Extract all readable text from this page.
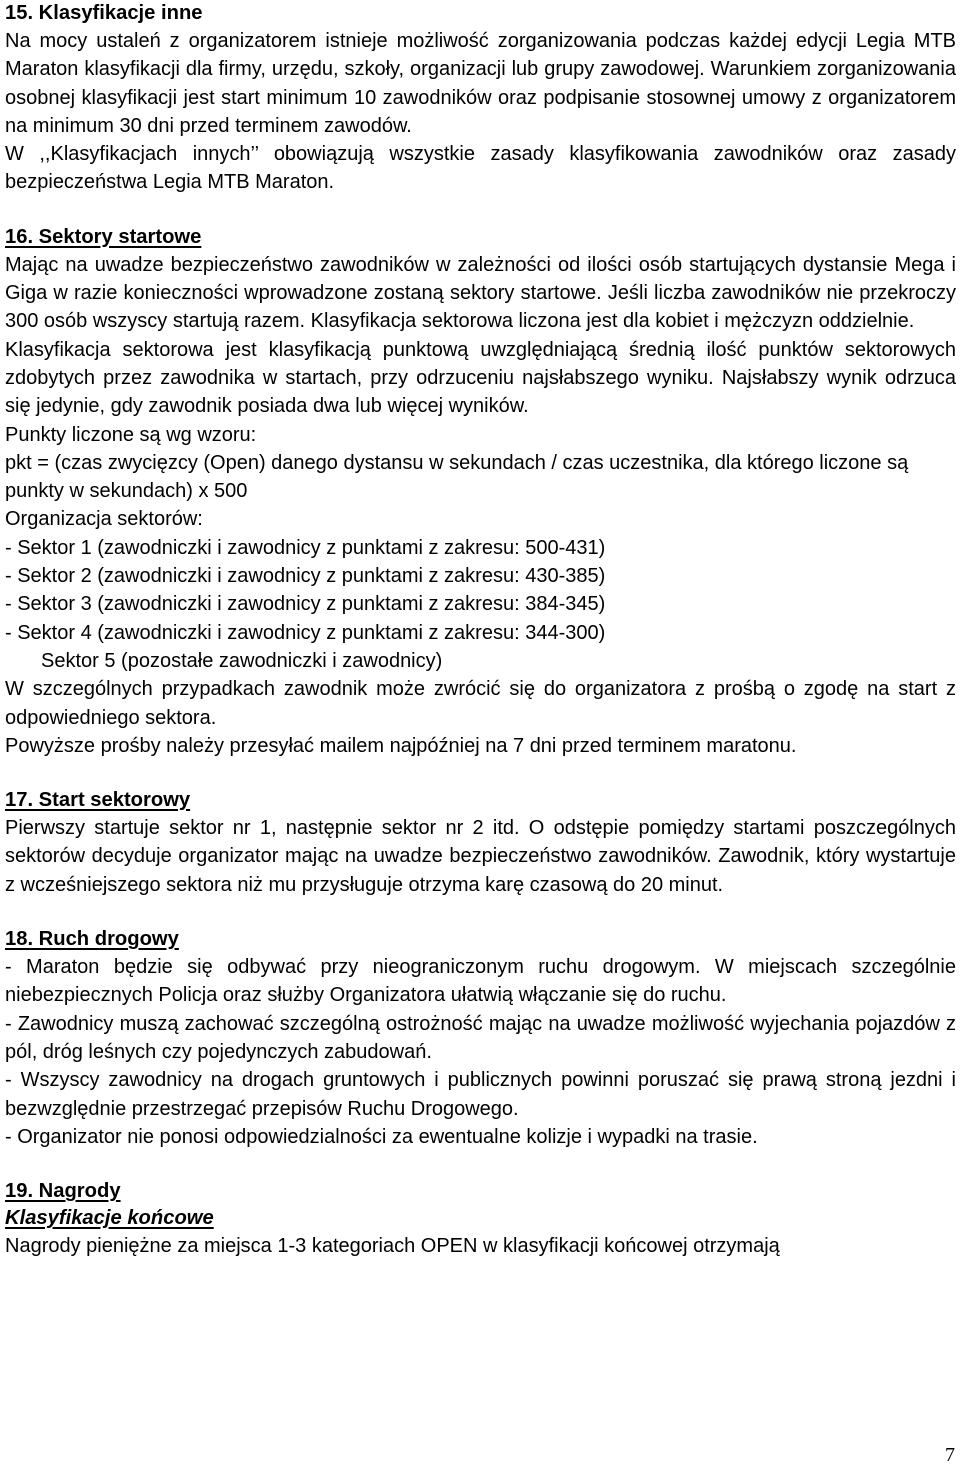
15. Klasyfikacje inne

Na mocy ustaleń z organizatorem istnieje możliwość zorganizowania podczas każdej edycji Legia MTB Maraton klasyfikacji dla firmy, urzędu, szkoły, organizacji lub grupy zawodowej. Warunkiem zorganizowania osobnej klasyfikacji jest start minimum 10 zawodników oraz podpisanie stosownej umowy z organizatorem na minimum 30 dni przed terminem zawodów.

W ,,Klasyfikacjach innych’’ obowiązują wszystkie zasady klasyfikowania zawodników oraz zasady bezpieczeństwa Legia MTB Maraton.

16. Sektory startowe

Mając na uwadze bezpieczeństwo zawodników w zależności od ilości osób startujących dystansie Mega i Giga w razie konieczności wprowadzone zostaną sektory startowe. Jeśli liczba zawodników nie przekroczy 300 osób wszyscy startują razem. Klasyfikacja sektorowa liczona jest dla kobiet i mężczyzn oddzielnie.

Klasyfikacja sektorowa jest klasyfikacją punktową uwzględniającą średnią ilość punktów sektorowych zdobytych przez zawodnika w startach, przy odrzuceniu najsłabszego wyniku. Najsłabszy wynik odrzuca się jedynie, gdy zawodnik posiada dwa lub więcej wyników.

Punkty liczone są wg wzoru:

pkt = (czas zwycięzcy (Open) danego dystansu w sekundach / czas uczestnika, dla którego liczone są punkty w sekundach) x 500

Organizacja sektorów:

- Sektor 1 (zawodniczki i zawodnicy z punktami z zakresu: 500-431)

- Sektor 2 (zawodniczki i zawodnicy z punktami z zakresu: 430-385)

- Sektor 3 (zawodniczki i zawodnicy z punktami z zakresu: 384-345)

- Sektor 4 (zawodniczki i zawodnicy z punktami z zakresu: 344-300)

Sektor 5 (pozostałe zawodniczki i zawodnicy)

W szczególnych przypadkach zawodnik może zwrócić się do organizatora z prośbą o zgodę na start z odpowiedniego sektora.

Powyższe prośby należy przesyłać mailem najpóźniej na 7 dni przed terminem maratonu.

17. Start sektorowy

Pierwszy startuje sektor nr 1, następnie sektor nr 2 itd. O odstępie pomiędzy startami poszczególnych sektorów decyduje organizator mając na uwadze bezpieczeństwo zawodników. Zawodnik, który wystartuje z wcześniejszego sektora niż mu przysługuje otrzyma karę czasową do 20 minut.

18. Ruch drogowy

- Maraton będzie się odbywać przy nieograniczonym ruchu drogowym. W miejscach szczególnie niebezpiecznych Policja oraz służby Organizatora ułatwią włączanie się do ruchu.

- Zawodnicy muszą zachować szczególną ostrożność mając na uwadze możliwość wyjechania pojazdów z pól, dróg leśnych czy pojedynczych zabudowań.

- Wszyscy zawodnicy na drogach gruntowych i publicznych powinni poruszać się prawą stroną jezdni i bezwzględnie przestrzegać przepisów Ruchu Drogowego.

- Organizator nie ponosi odpowiedzialności za ewentualne kolizje i wypadki na trasie.

19. Nagrody
Klasyfikacje końcowe

Nagrody pieniężne za miejsca 1-3 kategoriach OPEN w klasyfikacji końcowej otrzymają

7
